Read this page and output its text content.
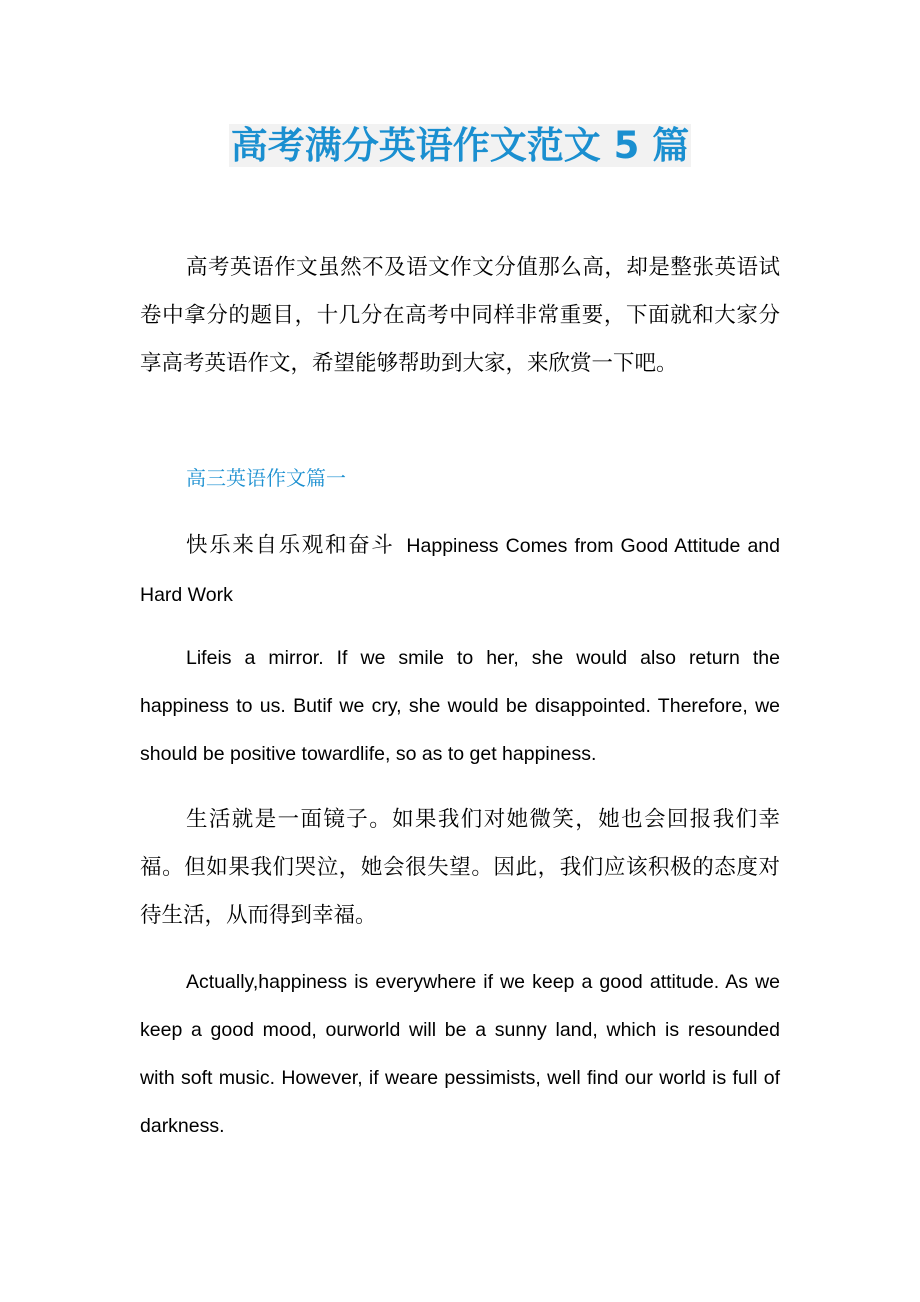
高考满分英语作文范文 5 篇

高考英语作文虽然不及语文作文分值那么高，却是整张英语试卷中拿分的题目，十几分在高考中同样非常重要，下面就和大家分享高考英语作文，希望能够帮助到大家，来欣赏一下吧。

高三英语作文篇一

快乐来自乐观和奋斗 Happiness Comes from Good Attitude and Hard Work

Lifeis a mirror. If we smile to her, she would also return the happiness to us. Butif we cry, she would be disappointed. Therefore, we should be positive towardlife, so as to get happiness.

生活就是一面镜子。如果我们对她微笑，她也会回报我们幸福。但如果我们哭泣，她会很失望。因此，我们应该积极的态度对待生活，从而得到幸福。

Actually,happiness is everywhere if we keep a good attitude. As we keep a good mood, ourworld will be a sunny land, which is resounded with soft music. However, if weare pessimists, well find our world is full of darkness.
